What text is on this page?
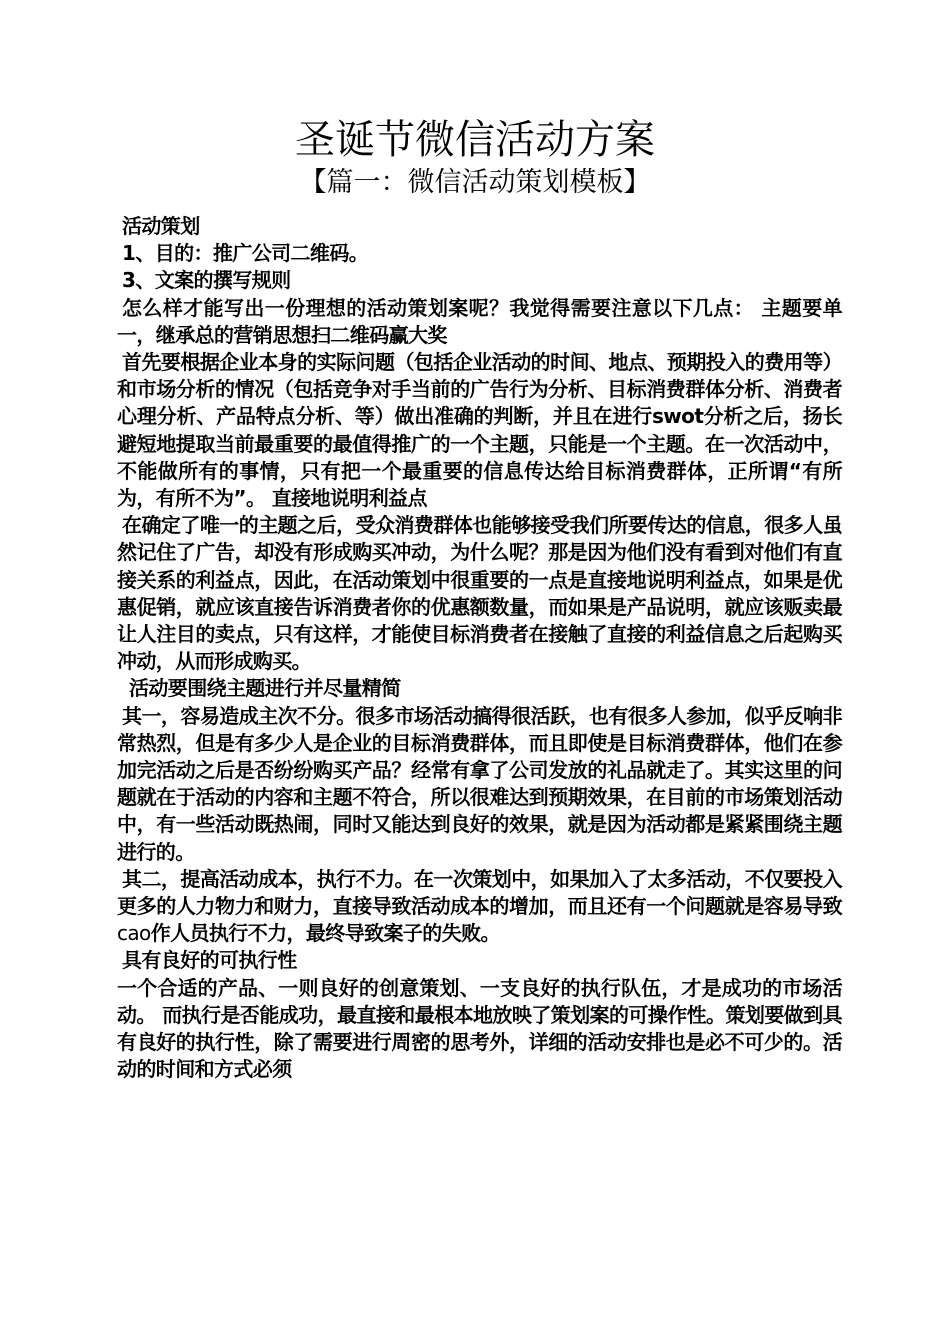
圣诞节微信活动方案
【篇一：微信活动策划模板】

活动策划

1、目的：推广公司二维码。

3、文案的撰写规则

怎么样才能写出一份理想的活动策划案呢？我觉得需要注意以下几点： 主题要单一，继承总的营销思想扫二维码赢大奖

首先要根据企业本身的实际问题（包括企业活动的时间、地点、预期投入的费用等）和市场分析的情况（包括竞争对手当前的广告行为分析、目标消费群体分析、消费者心理分析、产品特点分析、等）做出准确的判断，并且在进行swot分析之后，扬长避短地提取当前最重要的最值得推广的一个主题，只能是一个主题。在一次活动中，不能做所有的事情，只有把一个最重要的信息传达给目标消费群体，正所谓“有所为，有所不为”。 直接地说明利益点

在确定了唯一的主题之后，受众消费群体也能够接受我们所要传达的信息，很多人虽然记住了广告，却没有形成购买冲动，为什么呢？那是因为他们没有看到对他们有直接关系的利益点，因此，在活动策划中很重要的一点是直接地说明利益点，如果是优惠促销，就应该直接告诉消费者你的优惠额数量，而如果是产品说明，就应该贩卖最让人注目的卖点，只有这样，才能使目标消费者在接触了直接的利益信息之后起购买冲动，从而形成购买。

活动要围绕主题进行并尽量精简

其一，容易造成主次不分。很多市场活动搞得很活跃，也有很多人参加，似乎反响非常热烈，但是有多少人是企业的目标消费群体，而且即使是目标消费群体，他们在参加完活动之后是否纷纷购买产品？经常有拿了公司发放的礼品就走了。其实这里的问题就在于活动的内容和主题不符合，所以很难达到预期效果，在目前的市场策划活动中，有一些活动既热闹，同时又能达到良好的效果，就是因为活动都是紧紧围绕主题进行的。

其二，提高活动成本，执行不力。在一次策划中，如果加入了太多活动，不仅要投入更多的人力物力和财力，直接导致活动成本的增加，而且还有一个问题就是容易导致cao作人员执行不力，最终导致案子的失败。

具有良好的可执行性

一个合适的产品、一则良好的创意策划、一支良好的执行队伍，才是成功的市场活动。 而执行是否能成功，最直接和最根本地放映了策划案的可操作性。策划要做到具有良好的执行性，除了需要进行周密的思考外，详细的活动安排也是必不可少的。活动的时间和方式必须
